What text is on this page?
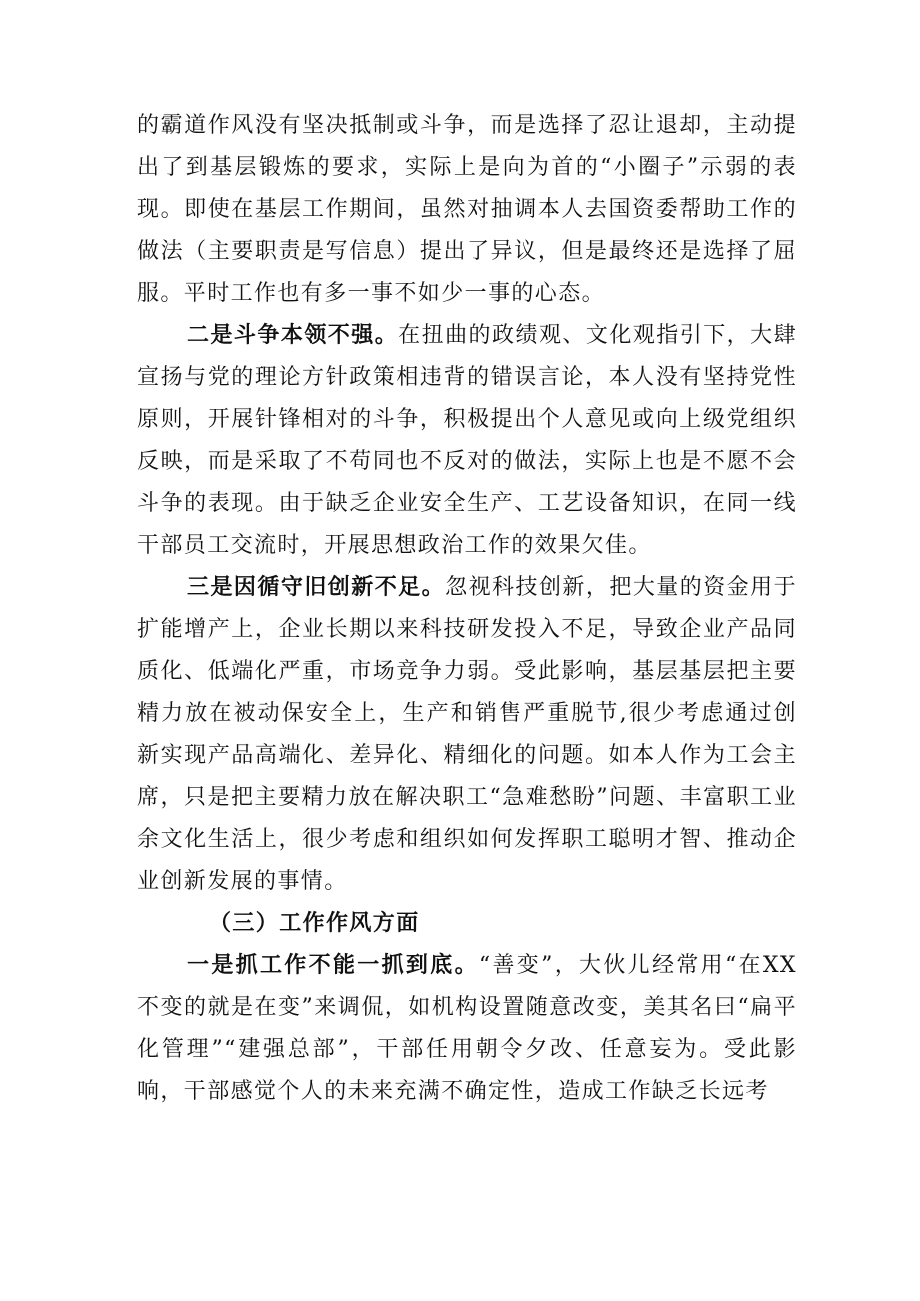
的霸道作风没有坚决抵制或斗争，而是选择了忍让退却，主动提出了到基层锻炼的要求，实际上是向为首的“小圈子”示弱的表现。即使在基层工作期间，虽然对抽调本人去国资委帮助工作的做法（主要职责是写信息）提出了异议，但是最终还是选择了屈服。平时工作也有多一事不如少一事的心态。

二是斗争本领不强。在扭曲的政绩观、文化观指引下，大肆宣扬与党的理论方针政策相违背的错误言论，本人没有坚持党性原则，开展针锋相对的斗争，积极提出个人意见或向上级党组织反映，而是采取了不苟同也不反对的做法，实际上也是不愿不会斗争的表现。由于缺乏企业安全生产、工艺设备知识，在同一线干部员工交流时，开展思想政治工作的效果欠佳。

三是因循守旧创新不足。忽视科技创新，把大量的资金用于扩能增产上，企业长期以来科技研发投入不足，导致企业产品同质化、低端化严重，市场竞争力弱。受此影响，基层基层把主要精力放在被动保安全上，生产和销售严重脱节,很少考虑通过创新实现产品高端化、差异化、精细化的问题。如本人作为工会主席，只是把主要精力放在解决职工“急难愁盼”问题、丰富职工业余文化生活上，很少考虑和组织如何发挥职工聪明才智、推动企业创新发展的事情。

（三）工作作风方面

一是抓工作不能一抓到底。“善变”，大伙儿经常用“在XX不变的就是在变”来调侃，如机构设置随意改变，美其名曰“扁平化管理”“建强总部”，干部任用朝令夕改、任意妄为。受此影响，干部感觉个人的未来充满不确定性，造成工作缺乏长远考
